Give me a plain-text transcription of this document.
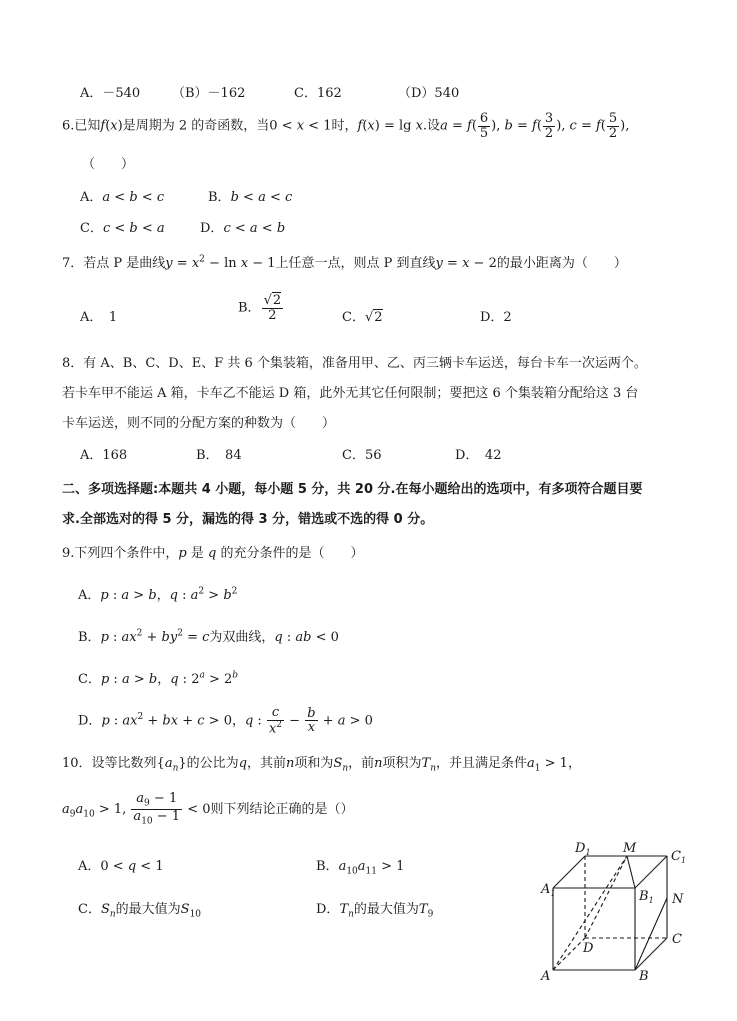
A．－540 （B）－162	C．162	（D）540
6.已知f(x)是周期为 2 的奇函数，当0 < x < 1时，f(x) = lg x.设$a = f( \frac{6}{5}$ ), $b = f( \frac{3}{2}$ ), $c = f( \frac{5}{2}$ ),
（　　）
A．a < b < c	B．b < a < c
C．c < b < a	D．c < a < b
7．若点 P 是曲线$y = x^2 - \ln x - 1$上任意一点，则点 P 到直线y = x − 2的最小距离为（　　）
A．　1
B． $\frac{√2}{2}$	C．√2	D．2
8．有 A、B、C、D、E、F 共 6 个集装箱，准备用甲、乙、丙三辆卡车运送，每台卡车一次运两个。
若卡车甲不能运 A 箱，卡车乙不能运 D 箱，此外无其它任何限制；要把这 6 个集装箱分配给这 3 台
卡车运送，则不同的分配方案的种数为（　　）
A．168	B．　84	C．56	D．　42
二、多项选择题:本题共 4 小题，每小题 5 分，共 20 分.在每小题给出的选项中，有多项符合题目要
求.全部选对的得 5 分，漏选的得 3 分，错选或不选的得 0 分。
9.下列四个条件中，p 是 q 的充分条件的是（　　）
A．p : a > b，q : $a^2 > b^2$
B．p : $ax^2 + by^2 = c$为双曲线，q : ab < 0
C．p : a > b，q : $2^a > 2^b$
D．p : $ax^2$ + bx + c > 0，q : $\frac{c}{x^2} - \frac{b}{x} + a > 0$
10．设等比数列$\{a_n\}$的公比为q，其前n项和为$S_n$，前n项积为$T_n$，并且满足条件$a_1 > 1$，
$a_9a_{10} > 1$, $\frac{a_9 - 1}{a_{10} - 1} < 0$则下列结论正确的是（）
A．0 < q < 1	B．$a_{10}a_{11} > 1$
C．$S_n$的最大值为$S_{10}$	D．$T_n$的最大值为$T_9$
$D_1$ M
$C_1$
$A_1$	$B_1$ N
C
D
A	B
